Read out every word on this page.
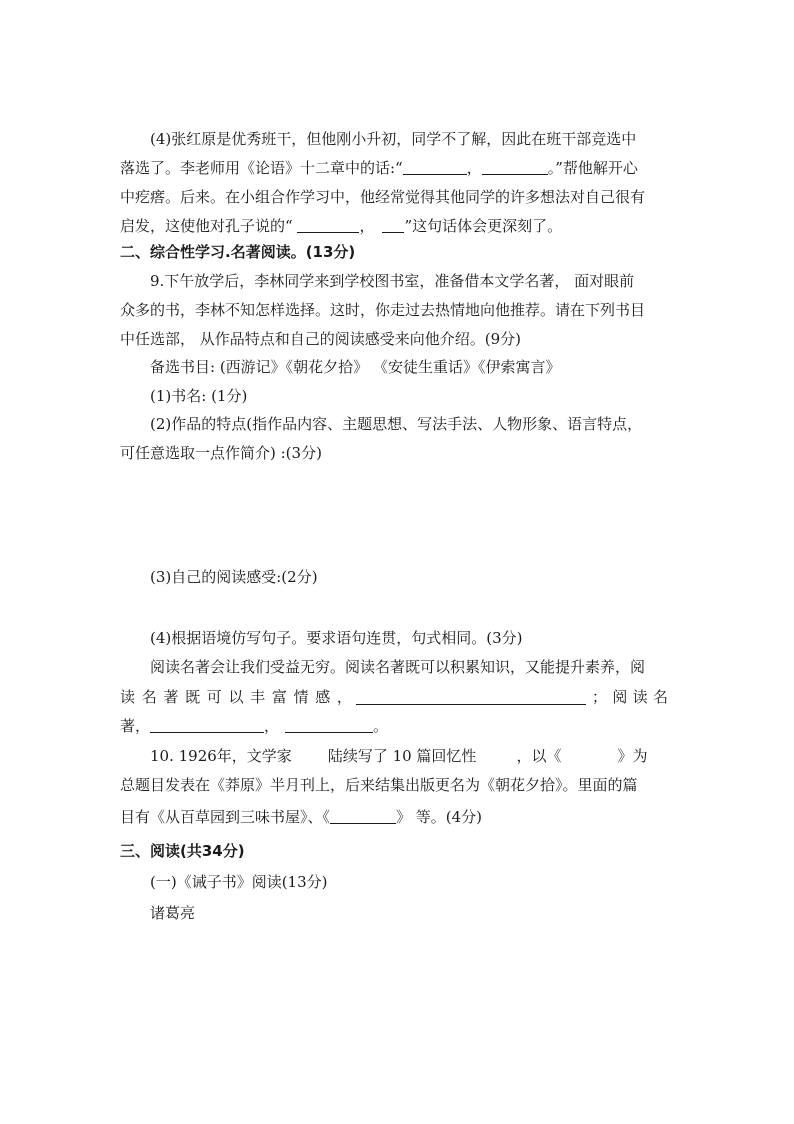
(4)张红原是优秀班干，但他刚小升初，同学不了解，因此在班干部竞选中
落选了。李老师用《论语》十二章中的话:“	，	。”帮他解开心
中疙瘩。后来。在小组合作学习中，他经常觉得其他同学的许多想法对自己很有
启发，这使他对孔子说的“	， ”这句话体会更深刻了。
二、综合性学习.名著阅读。(13分)
9.下午放学后，李林同学来到学校图书室，准备借本文学名著， 面对眼前
众多的书，李林不知怎样选择。这时，你走过去热情地向他推荐。请在下列书目
中任选部， 从作品特点和自己的阅读感受来向他介绍。(9分)
备选书目: (西游记》《朝花夕拾》 《安徒生重话》《伊索寓言》
(1)书名: (1分)
(2)作品的特点(指作品内容、主题思想、写法手法、人物形象、语言特点，
可任意选取一点作简介) :(3分)
(3)自己的阅读感受:(2分)
(4)根据语境仿写句子。要求语句连贯，句式相同。(3分)
阅读名著会让我们受益无穷。阅读名著既可以积累知识，又能提升素养，阅
读 名 著 既 可 以 丰 富 情 感 ，	； 阅 读 名
著，	，	。
10. 1926年，文学家 陆续写了 10 篇回忆性	，以《	》为
总题目发表在《莽原》半月刊上，后来结集出版更名为《朝花夕拾》。里面的篇
目有《从百草园到三味书屋》、《	》 等。(4分)
三、阅读(共34分)
(一)《诫子书》阅读(13分)
诸葛亮
